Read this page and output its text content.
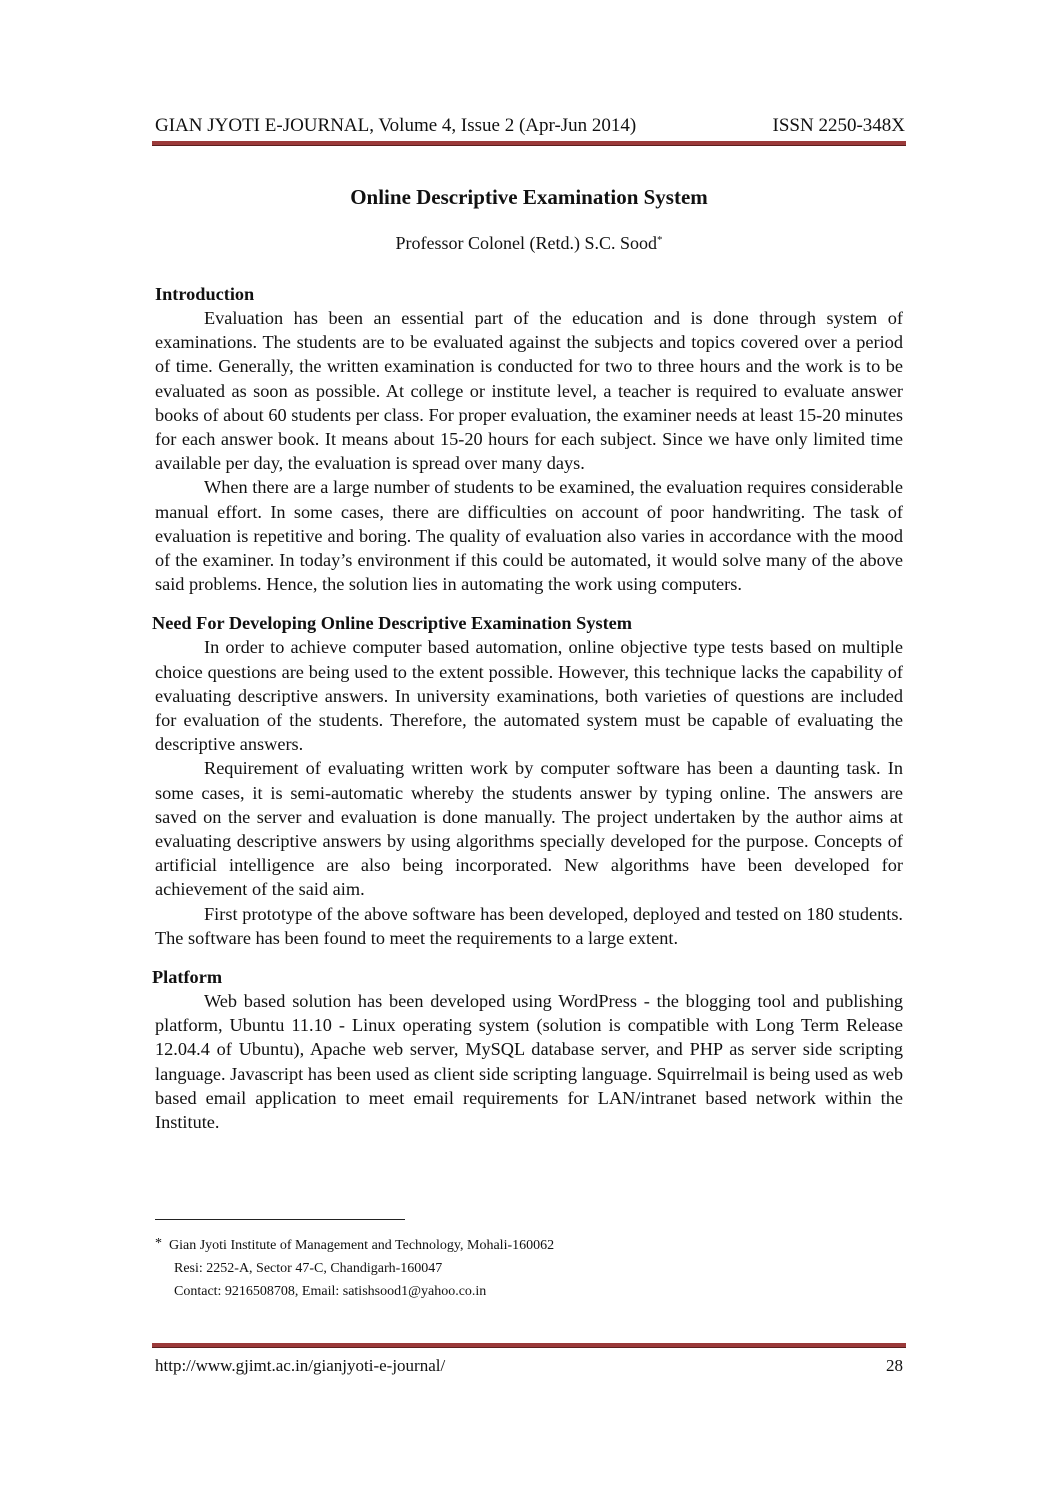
GIAN JYOTI E-JOURNAL, Volume 4, Issue 2 (Apr-Jun 2014)	ISSN 2250-348X
Online Descriptive Examination System
Professor Colonel (Retd.) S.C. Sood*
Introduction

Evaluation has been an essential part of the education and is done through system of examinations. The students are to be evaluated against the subjects and topics covered over a period of time. Generally, the written examination is conducted for two to three hours and the work is to be evaluated as soon as possible. At college or institute level, a teacher is required to evaluate answer books of about 60 students per class. For proper evaluation, the examiner needs at least 15-20 minutes for each answer book. It means about 15-20 hours for each subject. Since we have only limited time available per day, the evaluation is spread over many days.

When there are a large number of students to be examined, the evaluation requires considerable manual effort. In some cases, there are difficulties on account of poor handwriting. The task of evaluation is repetitive and boring. The quality of evaluation also varies in accordance with the mood of the examiner. In today’s environment if this could be automated, it would solve many of the above said problems. Hence, the solution lies in automating the work using computers.

Need For Developing Online Descriptive Examination System

In order to achieve computer based automation, online objective type tests based on multiple choice questions are being used to the extent possible. However, this technique lacks the capability of evaluating descriptive answers. In university examinations, both varieties of questions are included for evaluation of the students. Therefore, the automated system must be capable of evaluating the descriptive answers.

Requirement of evaluating written work by computer software has been a daunting task. In some cases, it is semi-automatic whereby the students answer by typing online. The answers are saved on the server and evaluation is done manually. The project undertaken by the author aims at evaluating descriptive answers by using algorithms specially developed for the purpose. Concepts of artificial intelligence are also being incorporated. New algorithms have been developed for achievement of the said aim.

First prototype of the above software has been developed, deployed and tested on 180 students. The software has been found to meet the requirements to a large extent.

Platform

Web based solution has been developed using WordPress - the blogging tool and publishing platform, Ubuntu 11.10 - Linux operating system (solution is compatible with Long Term Release 12.04.4 of Ubuntu), Apache web server, MySQL database server, and PHP as server side scripting language. Javascript has been used as client side scripting language. Squirrelmail is being used as web based email application to meet email requirements for LAN/intranet based network within the Institute.

* Gian Jyoti Institute of Management and Technology, Mohali-160062
Resi: 2252-A, Sector 47-C, Chandigarh-160047
Contact: 9216508708, Email: satishsood1@yahoo.co.in
http://www.gjimt.ac.in/gianjyoti-e-journal/	28
